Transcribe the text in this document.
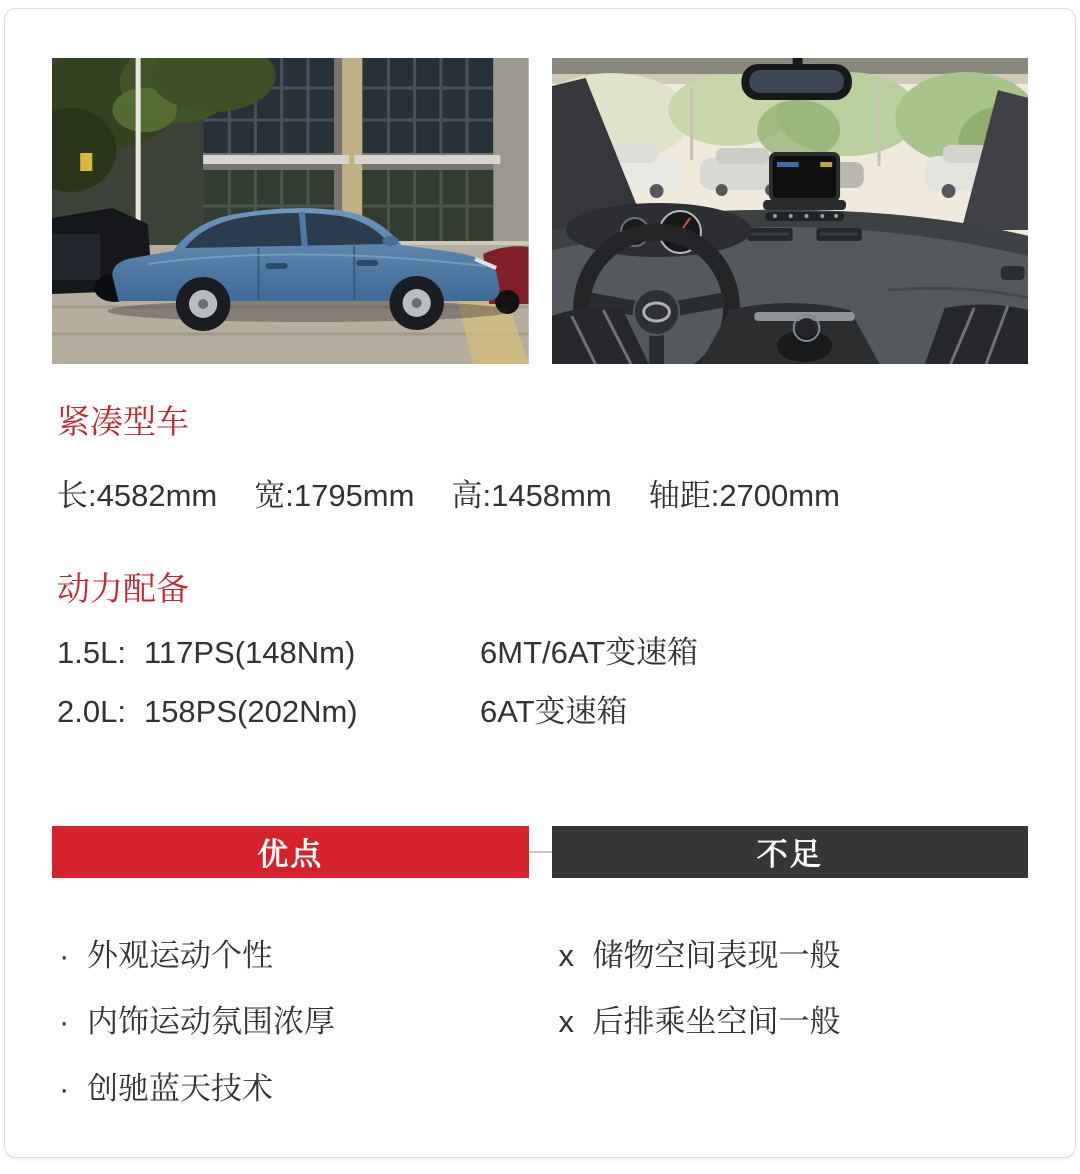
紧凑型车
长:4582mm 宽:1795mm 高:1458mm 轴距:2700mm
动力配备
1.5L: 117PS(148Nm)	6MT/6AT变速箱
2.0L: 158PS(202Nm)	6AT变速箱
优点	不足
· 外观运动个性
· 内饰运动氛围浓厚
· 创驰蓝天技术
x 储物空间表现一般
x 后排乘坐空间一般
